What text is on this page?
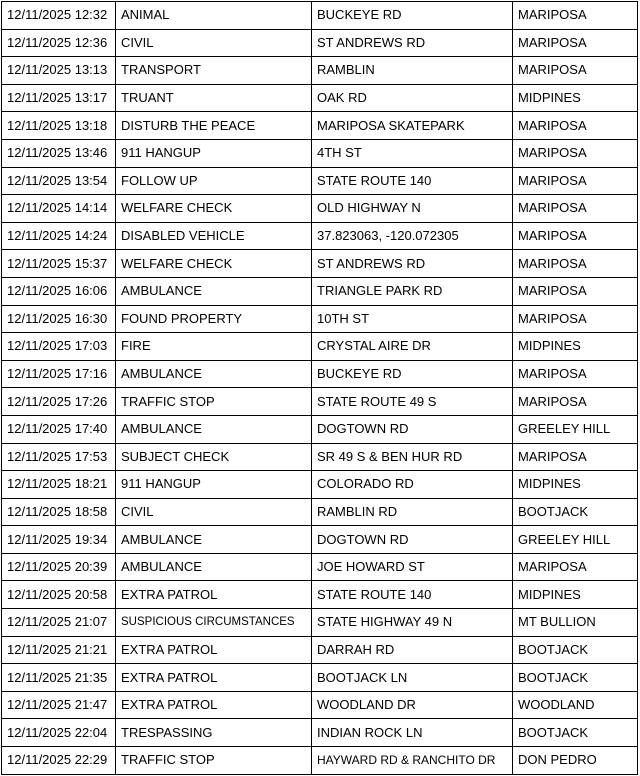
12/11/2025 12:32	ANIMAL	BUCKEYE RD	MARIPOSA
12/11/2025 12:36	CIVIL	ST ANDREWS RD	MARIPOSA
12/11/2025 13:13	TRANSPORT	RAMBLIN	MARIPOSA
12/11/2025 13:17	TRUANT	OAK RD	MIDPINES
12/11/2025 13:18	DISTURB THE PEACE	MARIPOSA SKATEPARK	MARIPOSA
12/11/2025 13:46	911 HANGUP	4TH ST	MARIPOSA
12/11/2025 13:54	FOLLOW UP	STATE ROUTE 140	MARIPOSA
12/11/2025 14:14	WELFARE CHECK	OLD HIGHWAY N	MARIPOSA
12/11/2025 14:24	DISABLED VEHICLE	37.823063, -120.072305	MARIPOSA
12/11/2025 15:37	WELFARE CHECK	ST ANDREWS RD	MARIPOSA
12/11/2025 16:06	AMBULANCE	TRIANGLE PARK RD	MARIPOSA
12/11/2025 16:30	FOUND PROPERTY	10TH ST	MARIPOSA
12/11/2025 17:03	FIRE	CRYSTAL AIRE DR	MIDPINES
12/11/2025 17:16	AMBULANCE	BUCKEYE RD	MARIPOSA
12/11/2025 17:26	TRAFFIC STOP	STATE ROUTE 49 S	MARIPOSA
12/11/2025 17:40	AMBULANCE	DOGTOWN RD	GREELEY HILL
12/11/2025 17:53	SUBJECT CHECK	SR 49 S & BEN HUR RD	MARIPOSA
12/11/2025 18:21	911 HANGUP	COLORADO RD	MIDPINES
12/11/2025 18:58	CIVIL	RAMBLIN RD	BOOTJACK
12/11/2025 19:34	AMBULANCE	DOGTOWN RD	GREELEY HILL
12/11/2025 20:39	AMBULANCE	JOE HOWARD ST	MARIPOSA
12/11/2025 20:58	EXTRA PATROL	STATE ROUTE 140	MIDPINES
12/11/2025 21:07	SUSPICIOUS CIRCUMSTANCES	STATE HIGHWAY 49 N	MT BULLION
12/11/2025 21:21	EXTRA PATROL	DARRAH RD	BOOTJACK
12/11/2025 21:35	EXTRA PATROL	BOOTJACK LN	BOOTJACK
12/11/2025 21:47	EXTRA PATROL	WOODLAND DR	WOODLAND
12/11/2025 22:04	TRESPASSING	INDIAN ROCK LN	BOOTJACK
12/11/2025 22:29	TRAFFIC STOP	HAYWARD RD & RANCHITO DR	DON PEDRO
